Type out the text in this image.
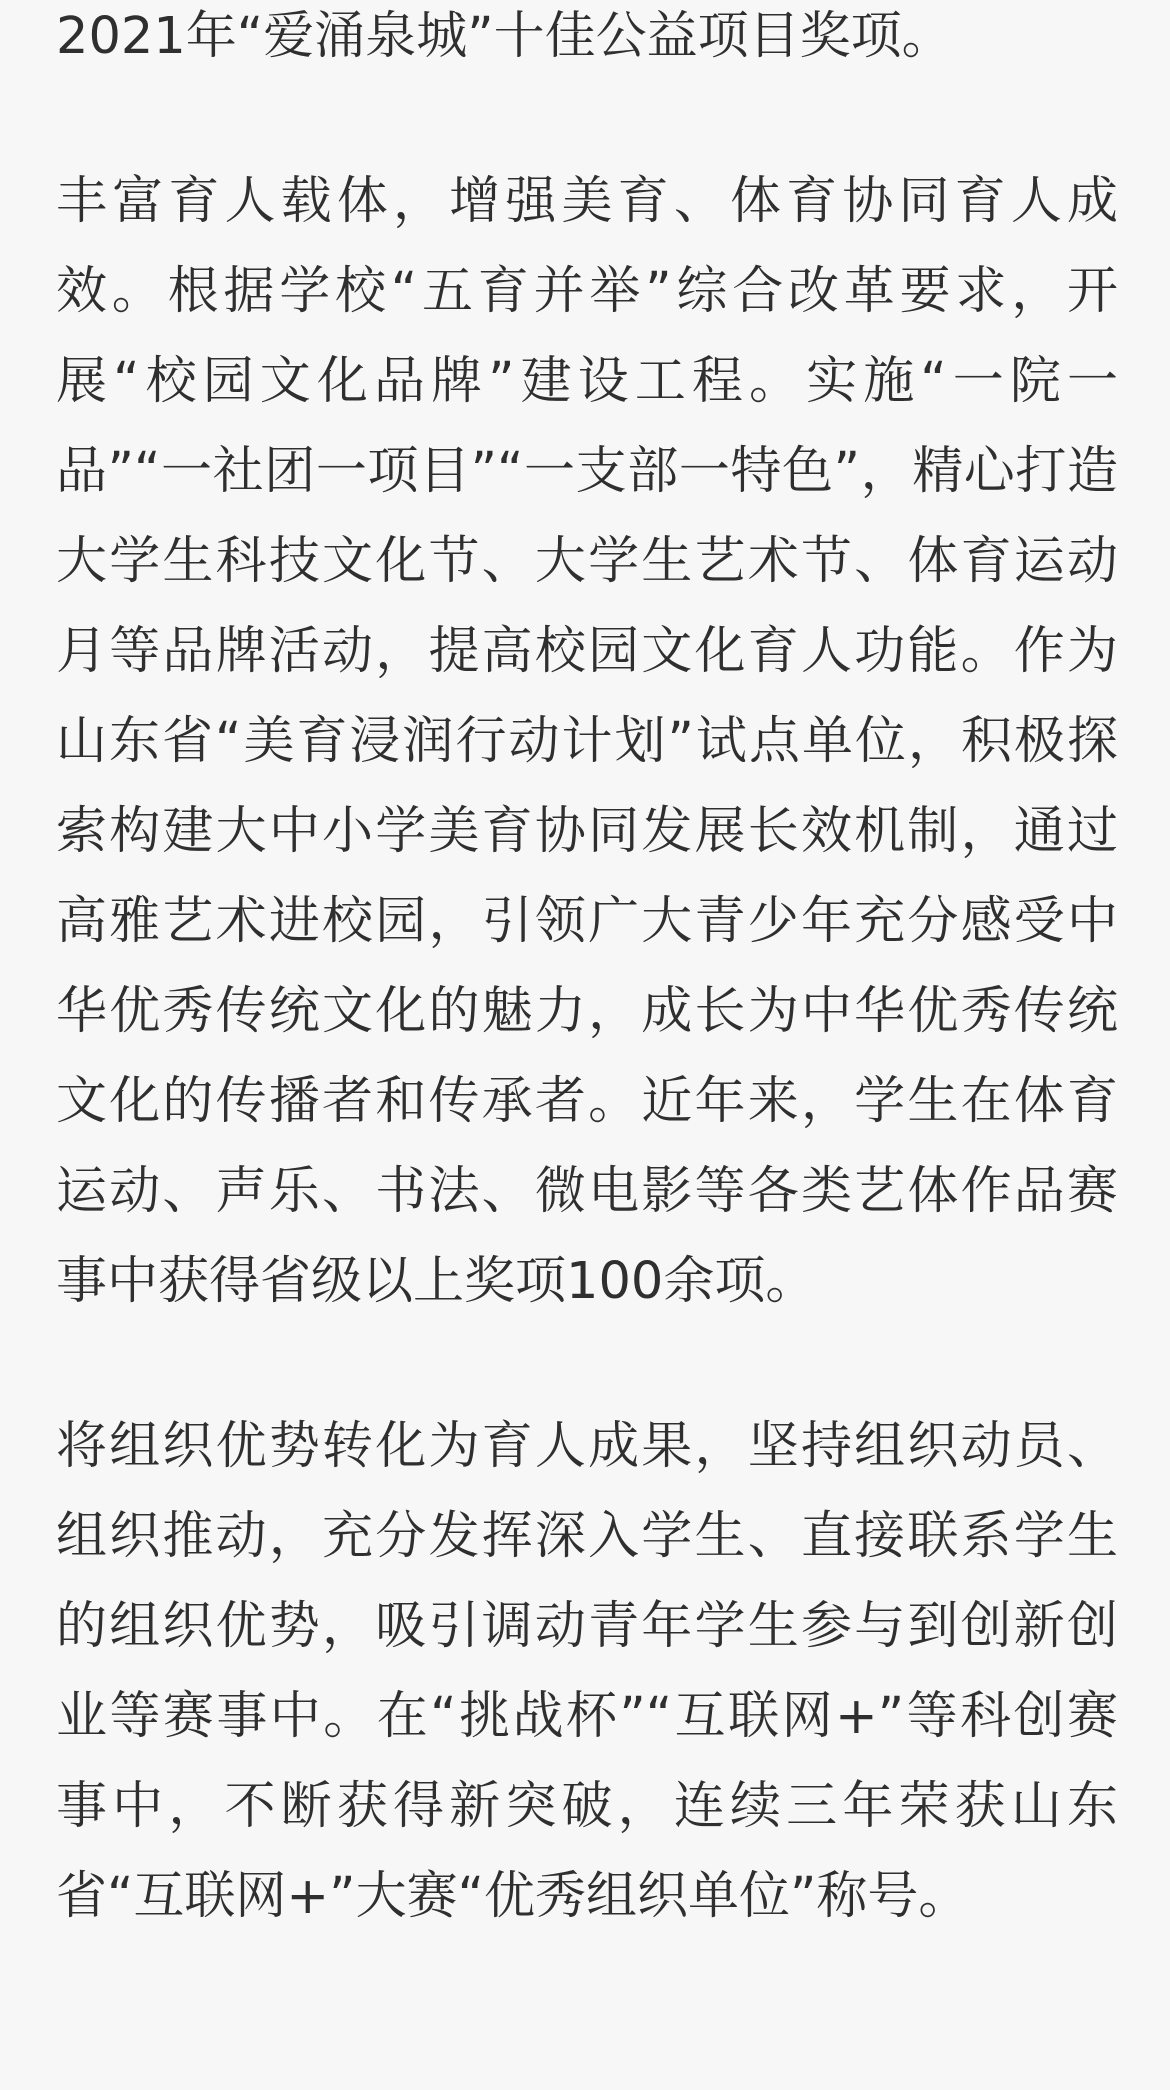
2021年“爱涌泉城”十佳公益项目奖项。

丰富育人载体，增强美育、体育协同育人成效。根据学校“五育并举”综合改革要求，开展“校园文化品牌”建设工程。实施“一院一品”“一社团一项目”“一支部一特色”，精心打造大学生科技文化节、大学生艺术节、体育运动月等品牌活动，提高校园文化育人功能。作为山东省“美育浸润行动计划”试点单位，积极探索构建大中小学美育协同发展长效机制，通过高雅艺术进校园，引领广大青少年充分感受中华优秀传统文化的魅力，成长为中华优秀传统文化的传播者和传承者。近年来，学生在体育运动、声乐、书法、微电影等各类艺体作品赛事中获得省级以上奖项100余项。

将组织优势转化为育人成果，坚持组织动员、组织推动，充分发挥深入学生、直接联系学生的组织优势，吸引调动青年学生参与到创新创业等赛事中。在“挑战杯”“互联网+”等科创赛事中，不断获得新突破，连续三年荣获山东省“互联网+”大赛“优秀组织单位”称号。
